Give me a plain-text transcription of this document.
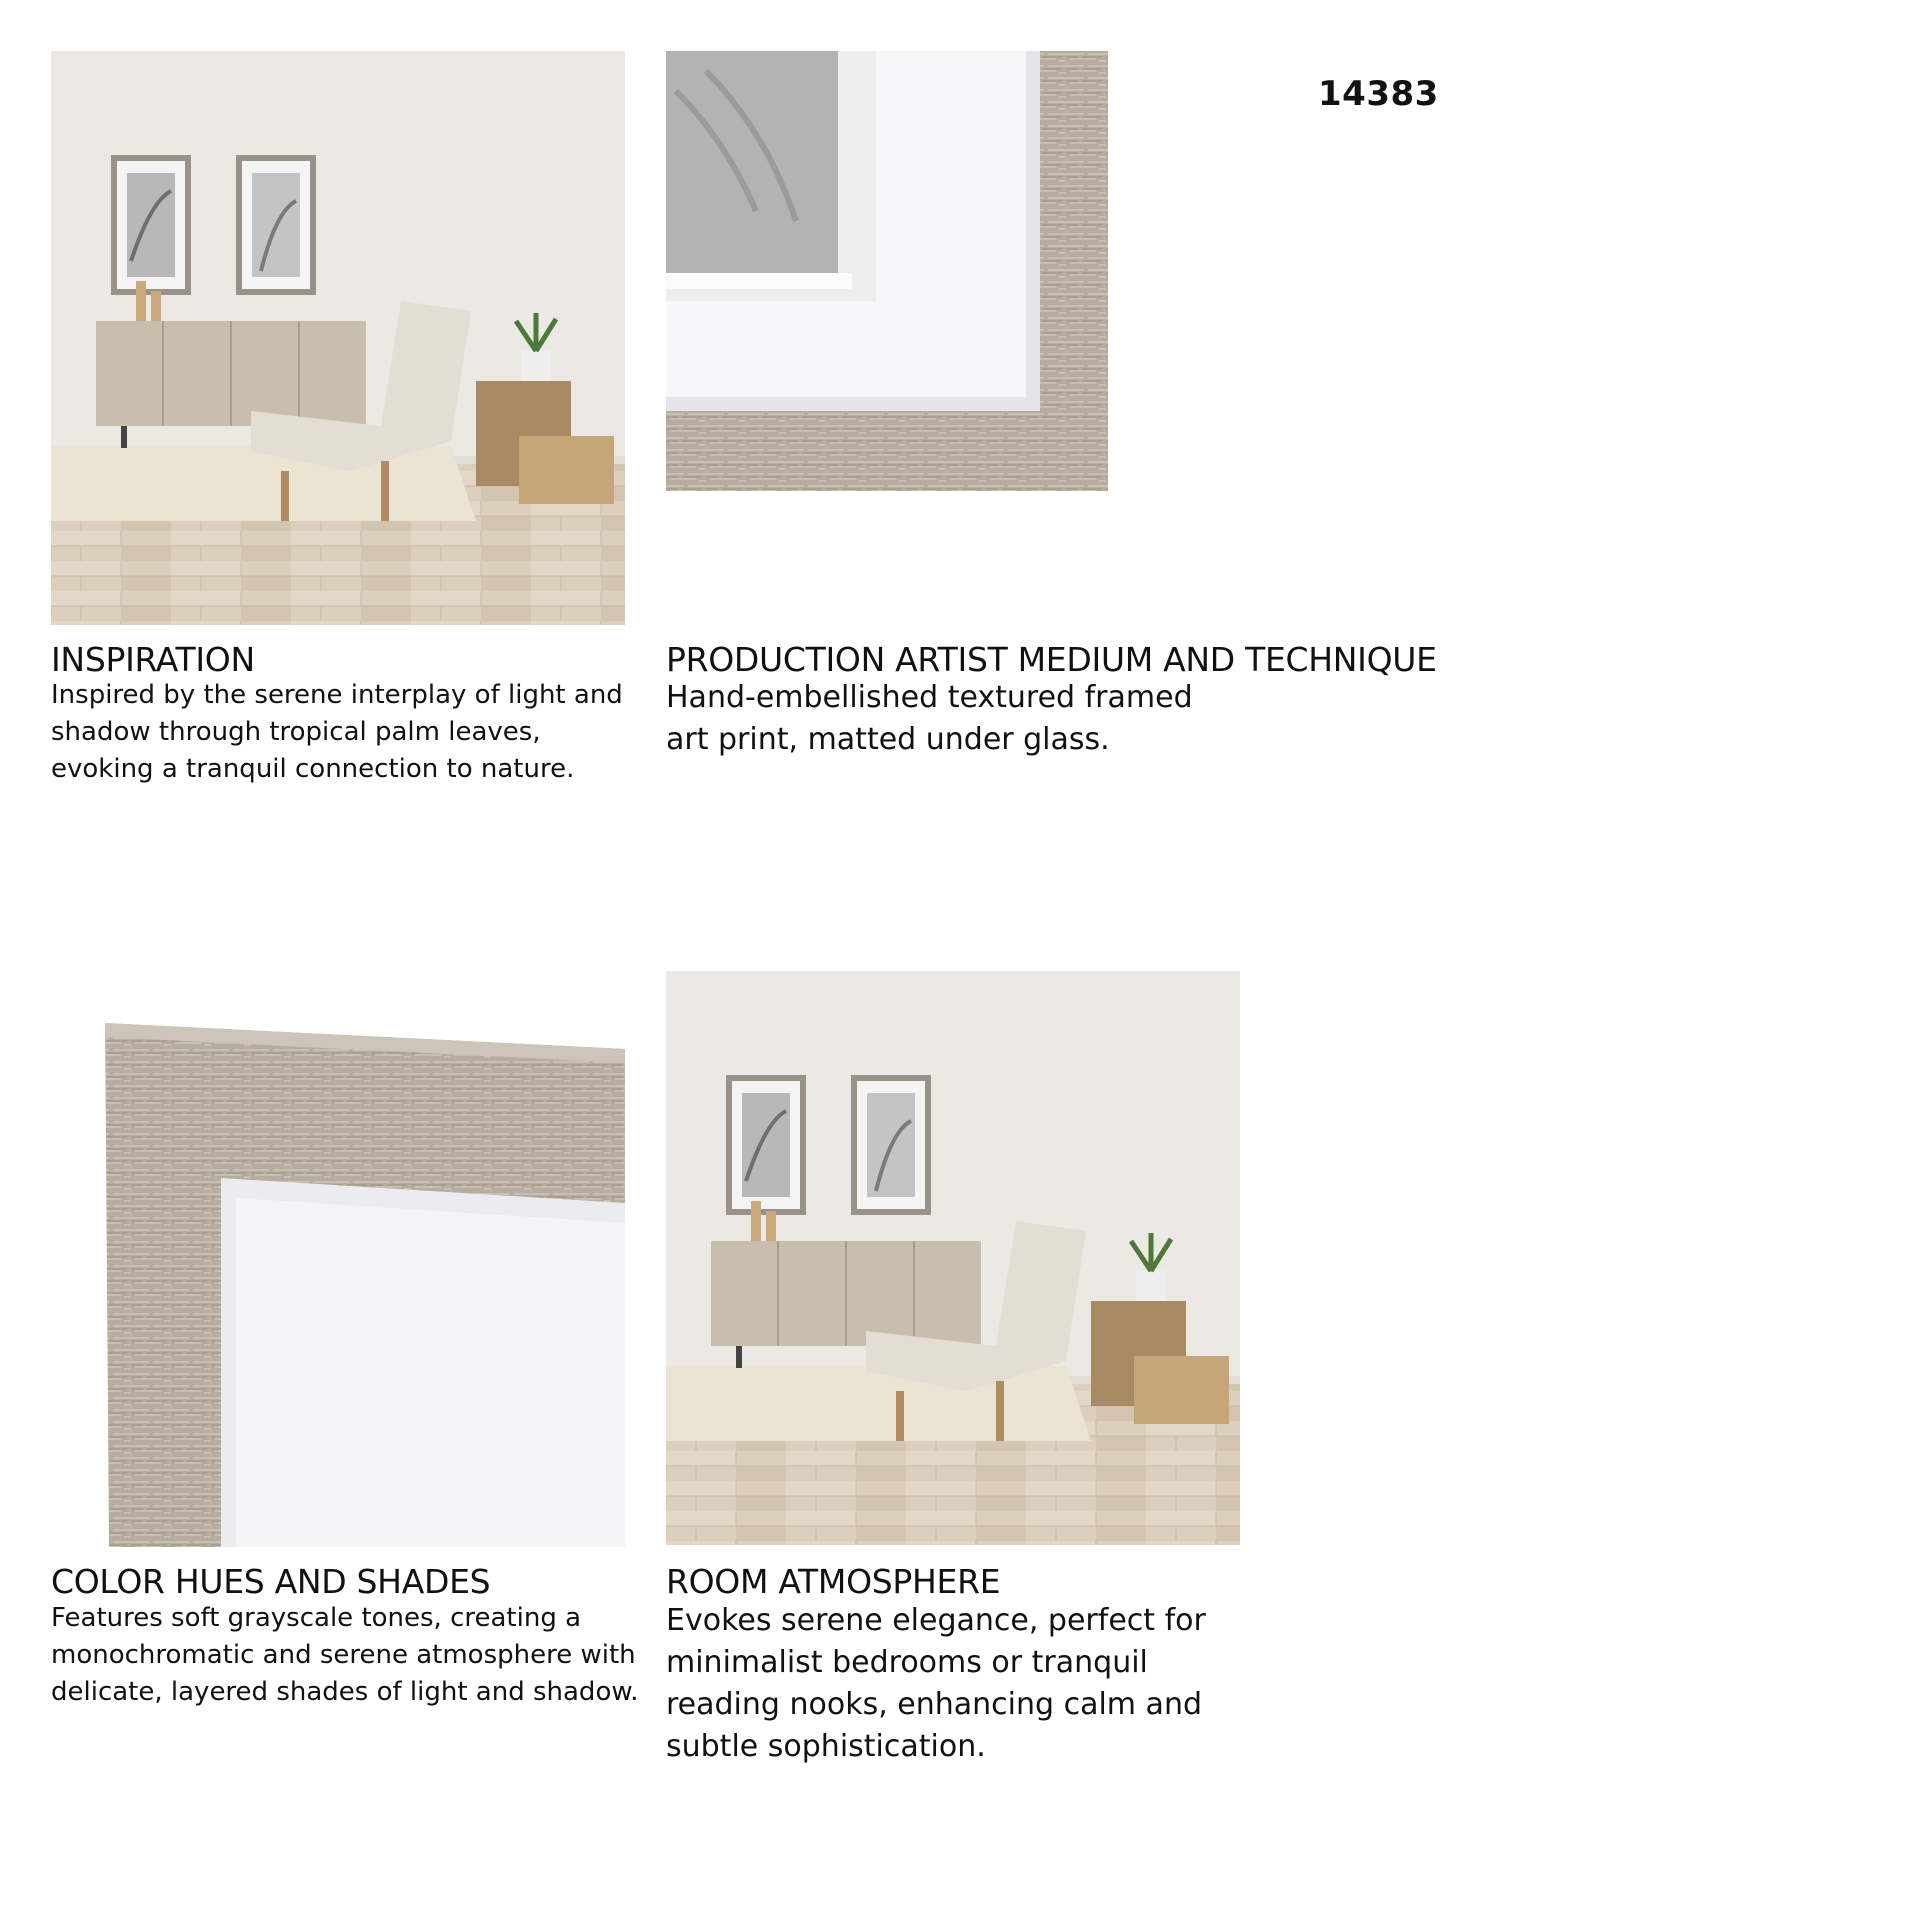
14383
INSPIRATION
Inspired by the serene interplay of light and shadow through tropical palm leaves, evoking a tranquil connection to nature.
PRODUCTION ARTIST MEDIUM AND TECHNIQUE
Hand-embellished textured framed art print, matted under glass.
COLOR HUES AND SHADES
Features soft grayscale tones, creating a monochromatic and serene atmosphere with delicate, layered shades of light and shadow.
ROOM ATMOSPHERE
Evokes serene elegance, perfect for minimalist bedrooms or tranquil reading nooks, enhancing calm and subtle sophistication.
